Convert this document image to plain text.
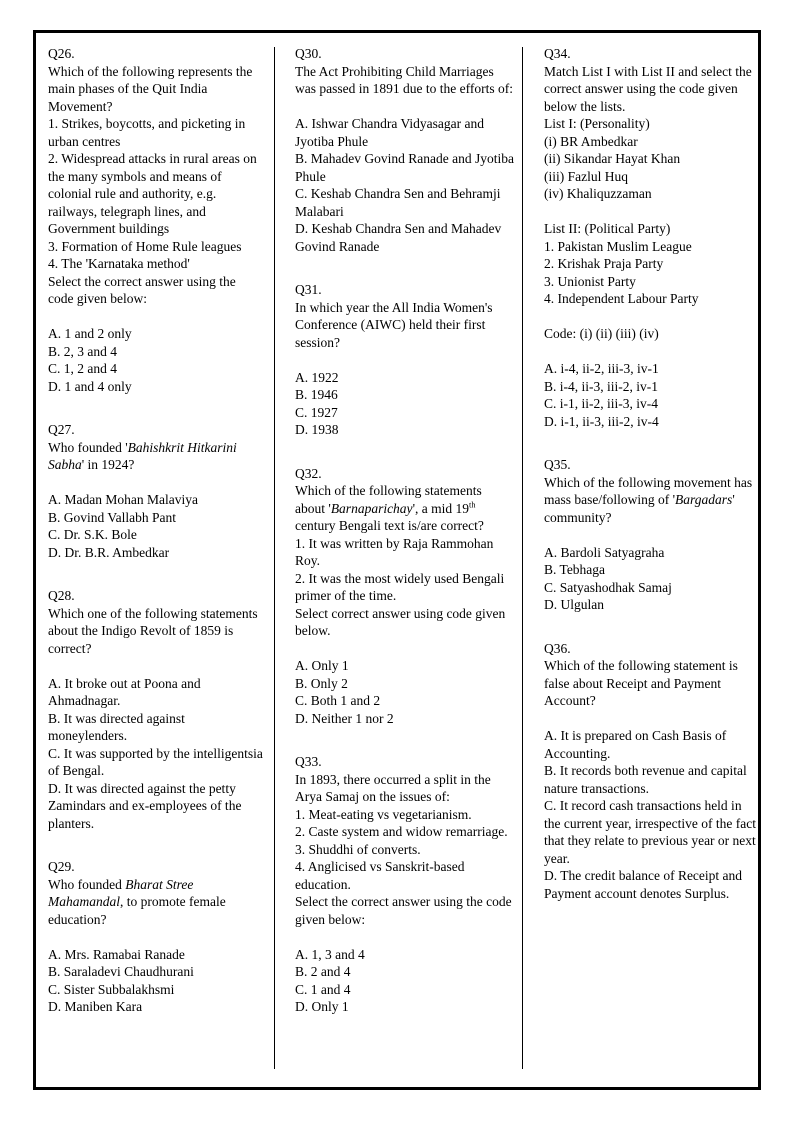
Q26.
Which of the following represents the main phases of the Quit India Movement?
1. Strikes, boycotts, and picketing in urban centres
2. Widespread attacks in rural areas on the many symbols and means of colonial rule and authority, e.g. railways, telegraph lines, and Government buildings
3. Formation of Home Rule leagues
4. The 'Karnataka method'
Select the correct answer using the code given below:
A. 1 and 2 only
B. 2, 3 and 4
C. 1, 2 and 4
D. 1 and 4 only
Q27.
Who founded 'Bahishkrit Hitkarini Sabha' in 1924?
A. Madan Mohan Malaviya
B. Govind Vallabh Pant
C. Dr. S.K. Bole
D. Dr. B.R. Ambedkar
Q28.
Which one of the following statements about the Indigo Revolt of 1859 is correct?
A. It broke out at Poona and Ahmadnagar.
B. It was directed against moneylenders.
C. It was supported by the intelligentsia of Bengal.
D. It was directed against the petty Zamindars and ex-employees of the planters.
Q29.
Who founded Bharat Stree Mahamandal, to promote female education?
A. Mrs. Ramabai Ranade
B. Saraladevi Chaudhurani
C. Sister Subbalakhsmi
D. Maniben Kara
Q30.
The Act Prohibiting Child Marriages was passed in 1891 due to the efforts of:
A. Ishwar Chandra Vidyasagar and Jyotiba Phule
B. Mahadev Govind Ranade and Jyotiba Phule
C. Keshab Chandra Sen and Behramji Malabari
D. Keshab Chandra Sen and Mahadev Govind Ranade
Q31.
In which year the All India Women's Conference (AIWC) held their first session?
A. 1922
B. 1946
C. 1927
D. 1938
Q32.
Which of the following statements about 'Barnaparichay', a mid 19th century Bengali text is/are correct?
1. It was written by Raja Rammohan Roy.
2. It was the most widely used Bengali primer of the time.
Select correct answer using code given below.
A. Only 1
B. Only 2
C. Both 1 and 2
D. Neither 1 nor 2
Q33.
In 1893, there occurred a split in the Arya Samaj on the issues of:
1. Meat-eating vs vegetarianism.
2. Caste system and widow remarriage.
3. Shuddhi of converts.
4. Anglicised vs Sanskrit-based education.
Select the correct answer using the code given below:
A. 1, 3 and 4
B. 2 and 4
C. 1 and 4
D. Only 1
Q34.
Match List I with List II and select the correct answer using the code given below the lists.
List I: (Personality)
(i) BR Ambedkar
(ii) Sikandar Hayat Khan
(iii) Fazlul Huq
(iv) Khaliquzzaman
List II: (Political Party)
1. Pakistan Muslim League
2. Krishak Praja Party
3. Unionist Party
4. Independent Labour Party
Code: (i) (ii) (iii) (iv)
A. i-4, ii-2, iii-3, iv-1
B. i-4, ii-3, iii-2, iv-1
C. i-1, ii-2, iii-3, iv-4
D. i-1, ii-3, iii-2, iv-4
Q35.
Which of the following movement has mass base/following of 'Bargadars' community?
A. Bardoli Satyagraha
B. Tebhaga
C. Satyashodhak Samaj
D. Ulgulan
Q36.
Which of the following statement is false about Receipt and Payment Account?
A. It is prepared on Cash Basis of Accounting.
B. It records both revenue and capital nature transactions.
C. It record cash transactions held in the current year, irrespective of the fact that they relate to previous year or next year.
D. The credit balance of Receipt and Payment account denotes Surplus.
